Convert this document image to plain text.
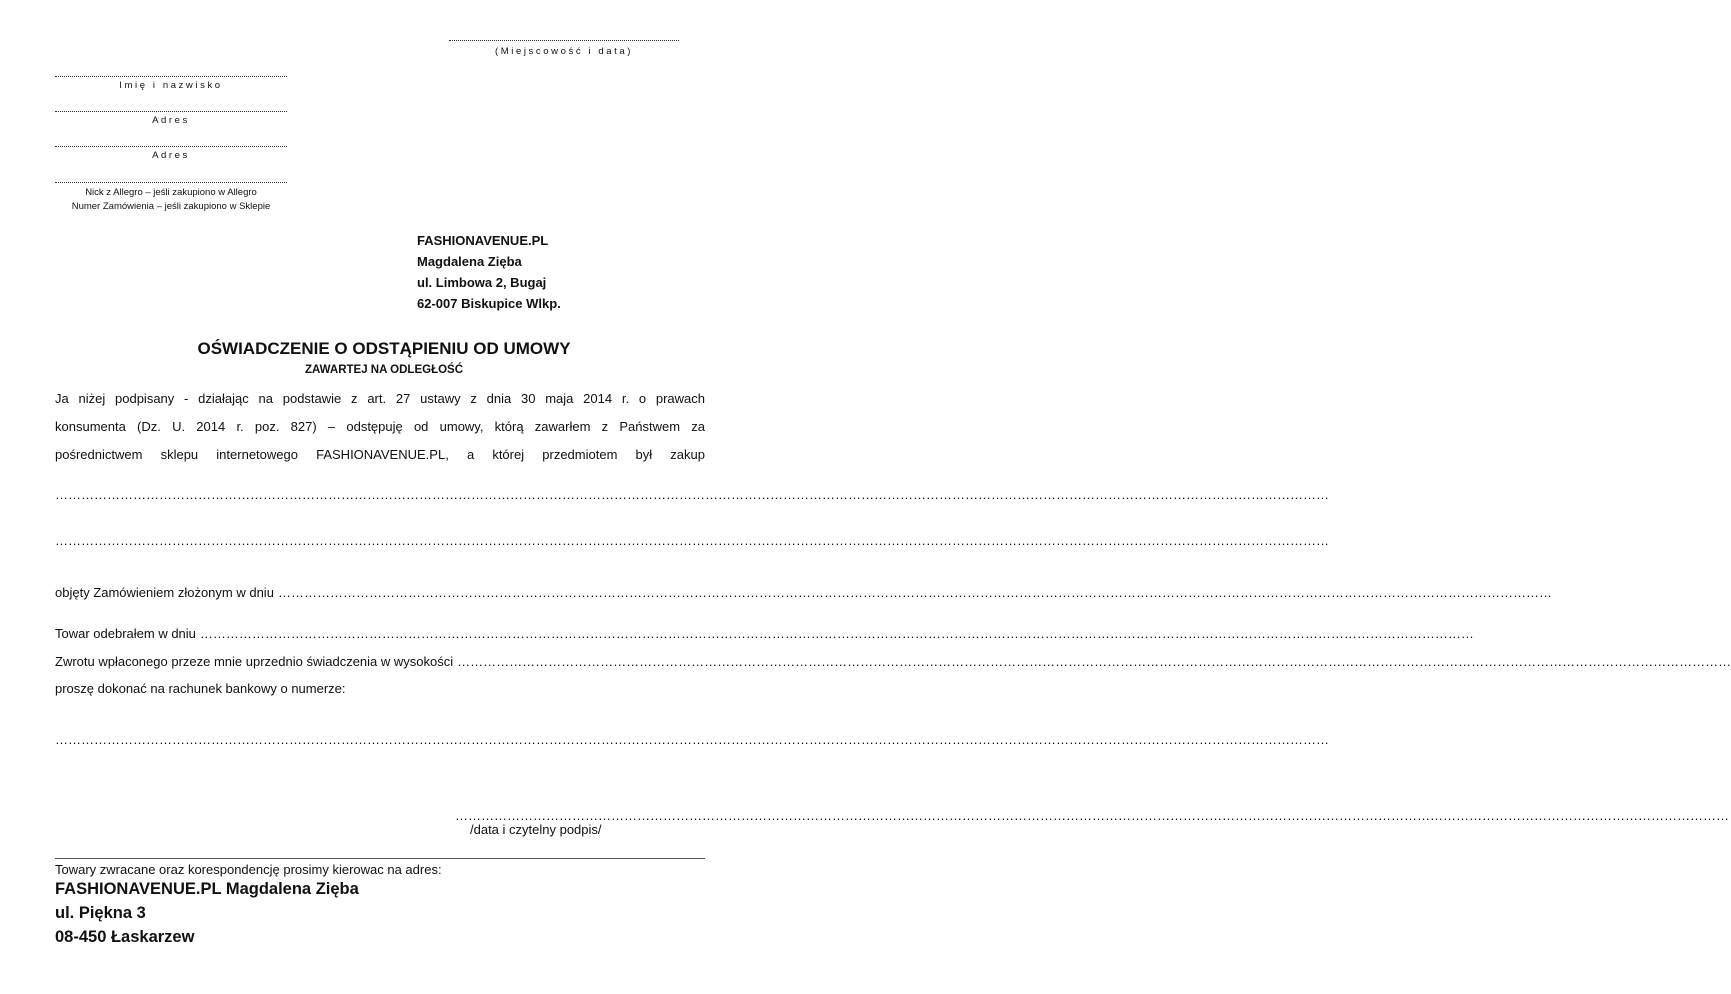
(Miejscowość i data)
Imię i nazwisko
Adres
Adres
Nick z Allegro – jeśli zakupiono w Allegro
Numer Zamówienia – jeśli zakupiono w Sklepie
FASHIONAVENUE.PL
Magdalena Zięba
ul. Limbowa 2, Bugaj
62-007 Biskupice Wlkp.
OŚWIADCZENIE O ODSTĄPIENIU OD UMOWY
ZAWARTEJ NA ODLEGŁOŚĆ
Ja niżej podpisany - działając na podstawie z art. 27 ustawy z dnia 30 maja 2014 r. o prawach
konsumenta (Dz. U. 2014 r. poz. 827) – odstępuję od umowy, którą zawarłem z Państwem za
pośrednictwem sklepu internetowego FASHIONAVENUE.PL, a której przedmiotem był zakup
……………………………………………………………………………………………………………………………………………………………………………………………………………………………………………………………………
……………………………………………………………………………………………………………………………………………………………………………………………………………………………………………………………………
objęty Zamówieniem złożonym w dniu ……………………………………………………………………………………………………………………………………………………………………………………………………………………………………………………………………
Towar odebrałem w dniu ……………………………………………………………………………………………………………………………………………………………………………………………………………………………………………………………………
Zwrotu wpłaconego przeze mnie uprzednio świadczenia w wysokości ……………………………………………………………………………………………………………………………………………………………………………………………………………………………………………………………………
proszę dokonać na rachunek bankowy o numerze:
……………………………………………………………………………………………………………………………………………………………………………………………………………………………………………………………………
……………………………………………………………………………………………………………………………………………………………………………………………………………………………………………………………………
/data i czytelny podpis/
Towary zwracane oraz korespondencję prosimy kierowac na adres:
FASHIONAVENUE.PL Magdalena Zięba
ul. Piękna 3
08-450 Łaskarzew
